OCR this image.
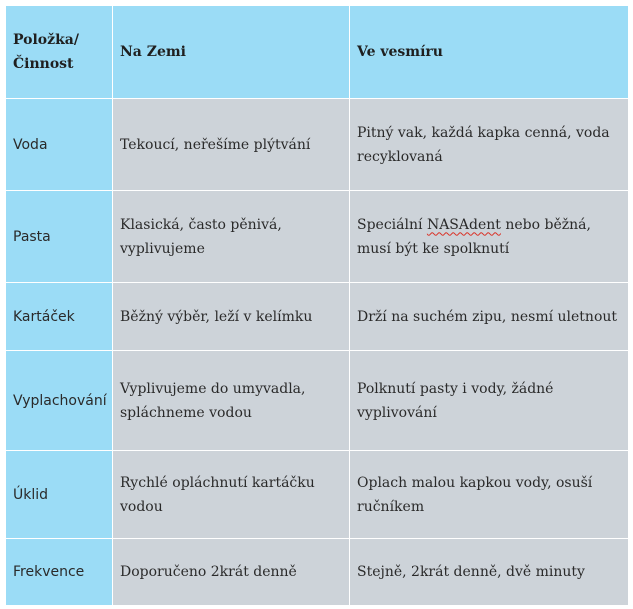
Položka/ Činnost	Na Zemi	Ve vesmíru
Voda	Tekoucí, neřešíme plýtvání	Pitný vak, každá kapka cenná, voda recyklovaná
Pasta	Klasická, často pěnivá, vyplivujeme	Speciální NASAdent nebo běžná, musí být ke spolknutí
Kartáček	Běžný výběr, leží v kelímku	Drží na suchém zipu, nesmí uletnout
Vyplachování	Vyplivujeme do umyvadla, spláchneme vodou	Polknutí pasty i vody, žádné vyplivování
Úklid	Rychlé opláchnutí kartáčku vodou	Oplach malou kapkou vody, osuší ručníkem
Frekvence	Doporučeno 2krát denně	Stejně, 2krát denně, dvě minuty
